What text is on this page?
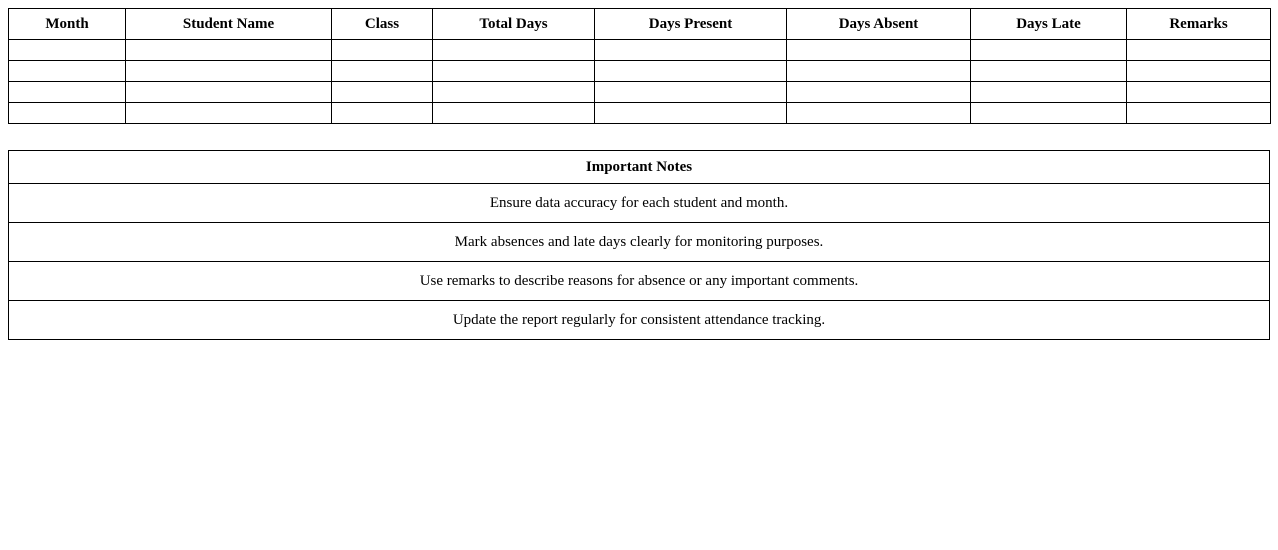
Month	Student Name	Class	Total Days	Days Present	Days Absent	Days Late	Remarks

Important Notes
Ensure data accuracy for each student and month.
Mark absences and late days clearly for monitoring purposes.
Use remarks to describe reasons for absence or any important comments.
Update the report regularly for consistent attendance tracking.
